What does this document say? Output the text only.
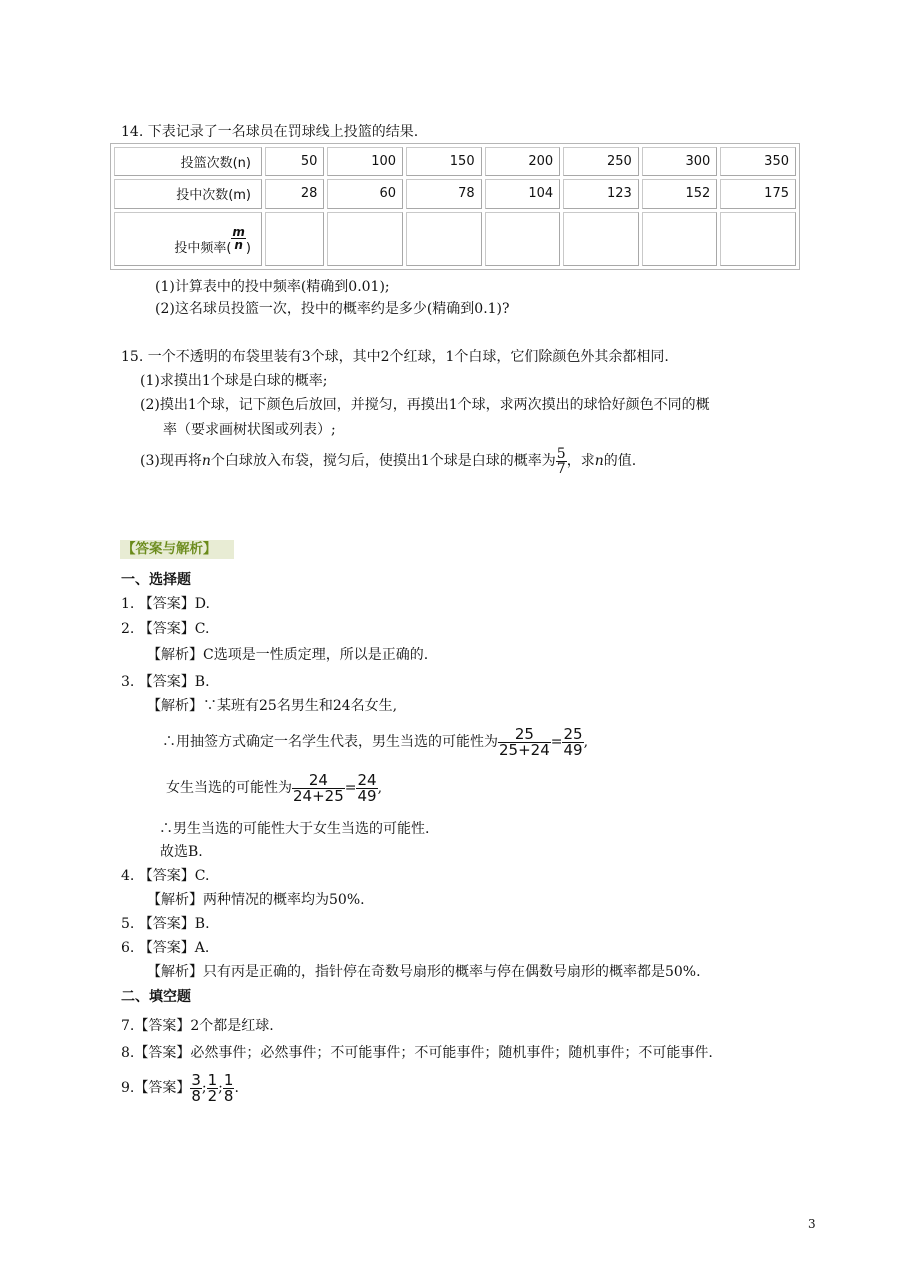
14. 下表记录了一名球员在罚球线上投篮的结果.
投篮次数(n)	50	100	150	200	250	300	350
投中次数(m)	28	60	78	104	123	152	175
投中频率( $\frac{m}{n}$ )							
(1)计算表中的投中频率(精确到0.01);
(2)这名球员投篮一次，投中的概率约是多少(精确到0.1)?
15. 一个不透明的布袋里装有3个球，其中2个红球，1个白球，它们除颜色外其余都相同.
(1)求摸出1个球是白球的概率;
(2)摸出1个球，记下颜色后放回，并搅匀，再摸出1个球，求两次摸出的球恰好颜色不同的概
率（要求画树状图或列表）;
(3)现再将n个白球放入布袋，搅匀后，使摸出1个球是白球的概率为 $\frac{5}{7}$ ，求n的值.
【答案与解析】
一、选择题
1. 【答案】D.
2. 【答案】C.
【解析】C选项是一性质定理，所以是正确的.
3. 【答案】B.
【解析】∵某班有25名男生和24名女生,
∴用抽签方式确定一名学生代表，男生当选的可能性为 $\frac{25}{25+24} = \frac{25}{49}$ ,
女生当选的可能性为 $\frac{24}{24+25} = \frac{24}{49}$ ,
∴男生当选的可能性大于女生当选的可能性.
故选B.
4. 【答案】C.
【解析】两种情况的概率均为50%.
5. 【答案】B.
6. 【答案】A.
【解析】只有丙是正确的，指针停在奇数号扇形的概率与停在偶数号扇形的概率都是50%.
二、填空题
7.【答案】2个都是红球.
8.【答案】必然事件；必然事件；不可能事件；不可能事件；随机事件；随机事件；不可能事件.
9.【答案】 $\frac{3}{8}$ ; $\frac{1}{2}$ ; $\frac{1}{8}$ .
3
